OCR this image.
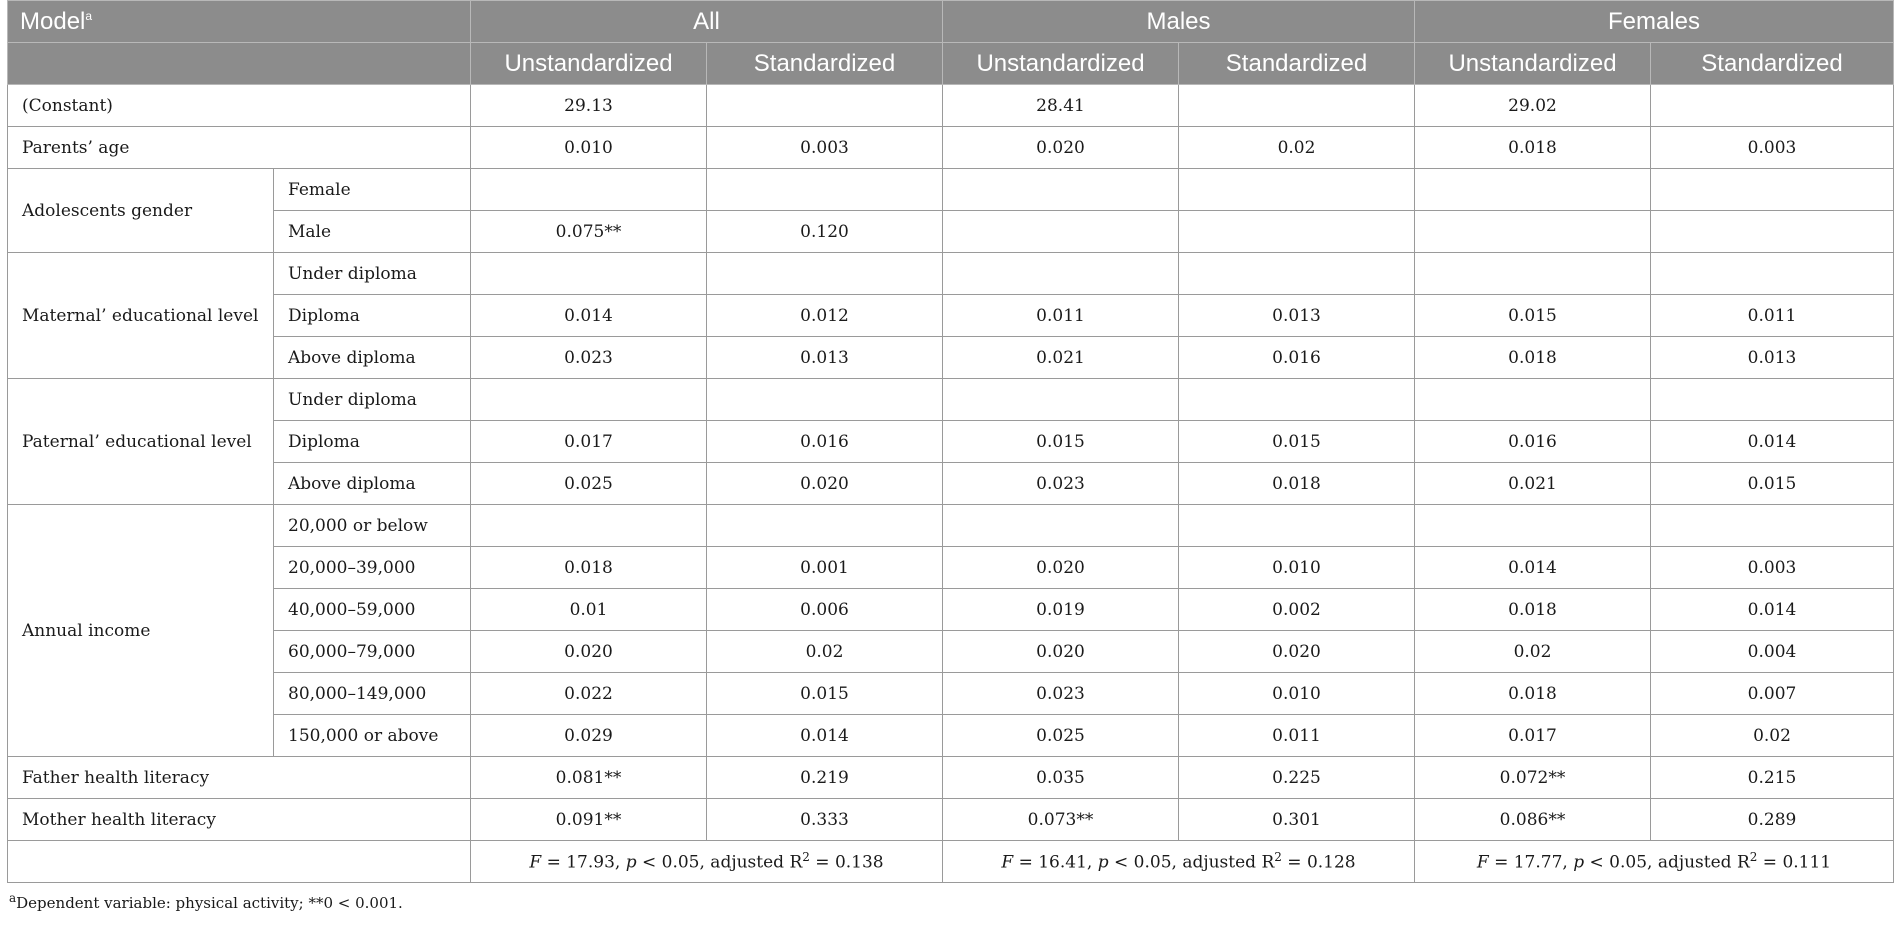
Model$^a$		All		Males		Females	
		Unstandardized	Standardized	Unstandardized	Standardized	Unstandardized	Standardized
(Constant)		29.13		28.41		29.02	
Parents’ age		0.010	0.003	0.020	0.02	0.018	0.003
Adolescents gender	Female						
	Male	0.075**	0.120				
Maternal’ educational level	Under diploma						
	Diploma	0.014	0.012	0.011	0.013	0.015	0.011
	Above diploma	0.023	0.013	0.021	0.016	0.018	0.013
Paternal’ educational level	Under diploma						
	Diploma	0.017	0.016	0.015	0.015	0.016	0.014
	Above diploma	0.025	0.020	0.023	0.018	0.021	0.015
Annual income	20,000 or below						
	20,000–39,000	0.018	0.001	0.020	0.010	0.014	0.003
	40,000–59,000	0.01	0.006	0.019	0.002	0.018	0.014
	60,000–79,000	0.020	0.02	0.020	0.020	0.02	0.004
	80,000–149,000	0.022	0.015	0.023	0.010	0.018	0.007
	150,000 or above	0.029	0.014	0.025	0.011	0.017	0.02
Father health literacy		0.081**	0.219	0.035	0.225	0.072**	0.215
Mother health literacy		0.091**	0.333	0.073**	0.301	0.086**	0.289
		F = 17.93, p < 0.05, adjusted $R^2 = 0.138$		F = 16.41, p < 0.05, adjusted $R^2 = 0.128$		F = 17.77, p < 0.05, adjusted $R^2 = 0.111$	
$^a$Dependent variable: physical activity; **0 < 0.001.
